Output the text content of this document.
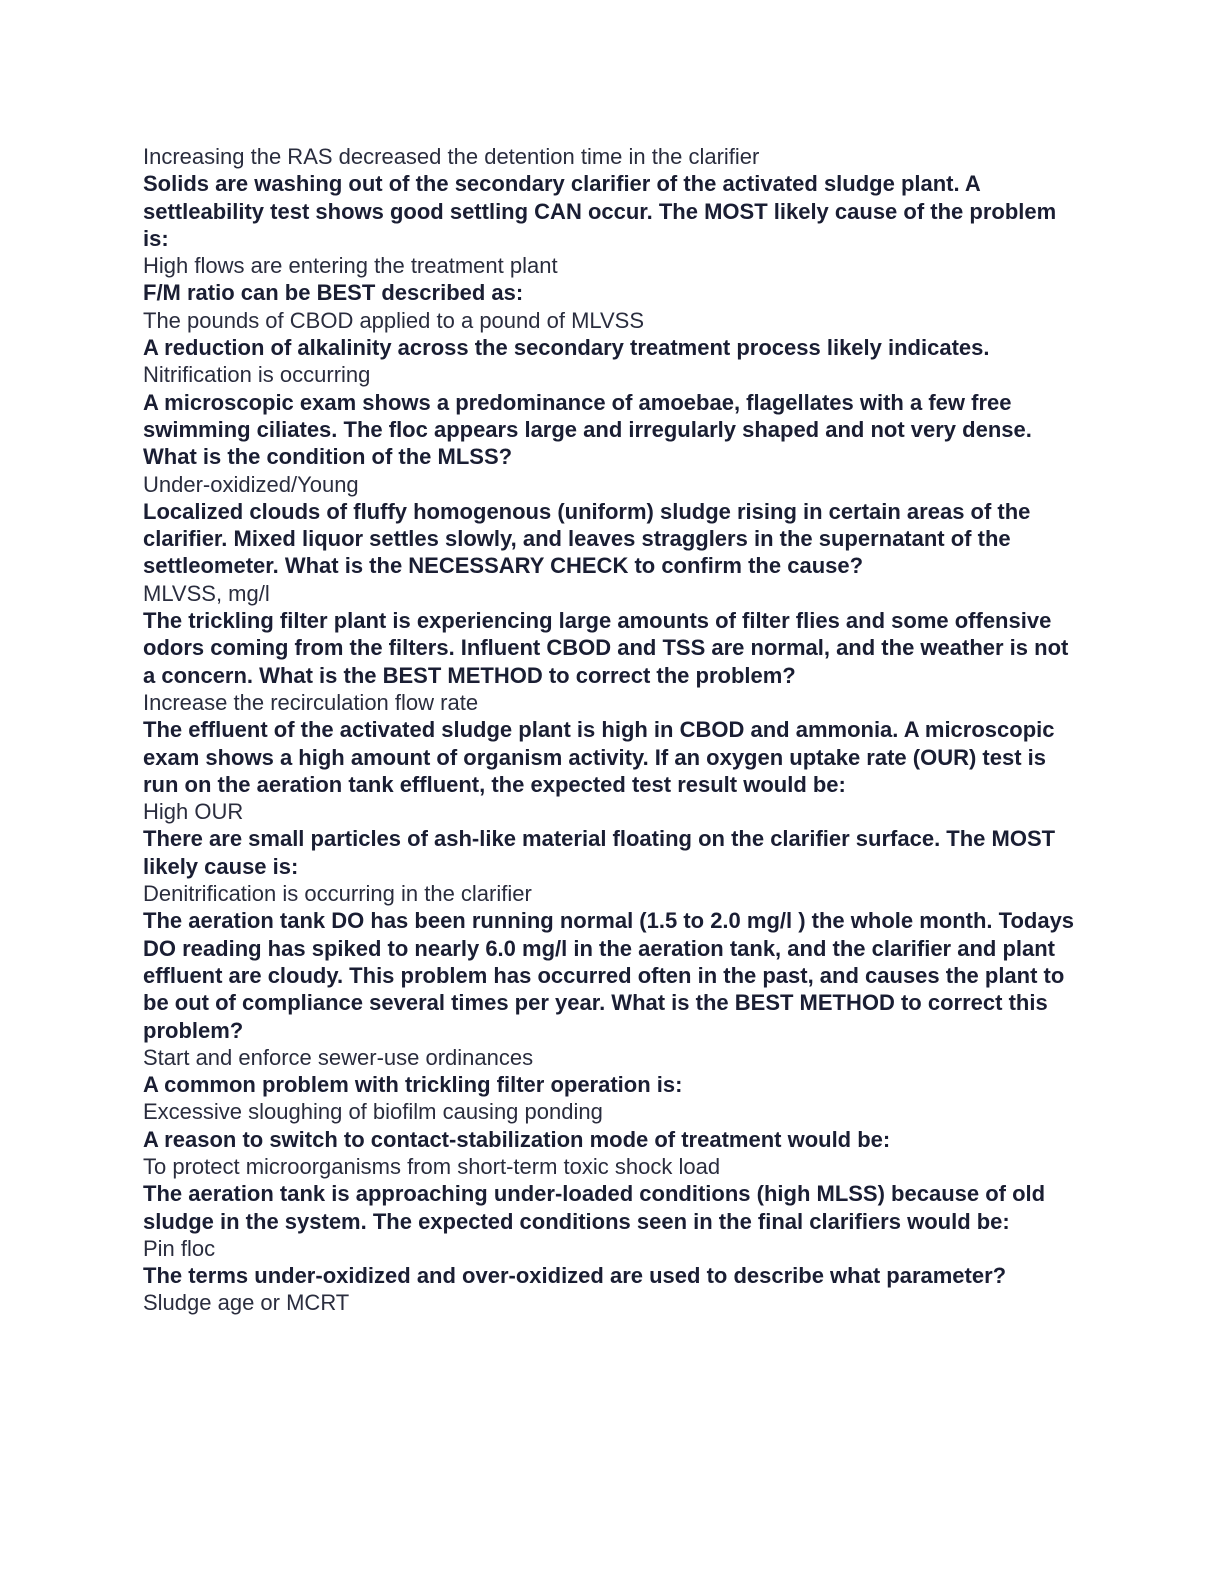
Increasing the RAS decreased the detention time in the clarifier

Solids are washing out of the secondary clarifier of the activated sludge plant. A settleability test shows good settling CAN occur. The MOST likely cause of the problem is:

High flows are entering the treatment plant

F/M ratio can be BEST described as:

The pounds of CBOD applied to a pound of MLVSS

A reduction of alkalinity across the secondary treatment process likely indicates.

Nitrification is occurring

A microscopic exam shows a predominance of amoebae, flagellates with a few free swimming ciliates. The floc appears large and irregularly shaped and not very dense. What is the condition of the MLSS?

Under-oxidized/Young

Localized clouds of fluffy homogenous (uniform) sludge rising in certain areas of the clarifier. Mixed liquor settles slowly, and leaves stragglers in the supernatant of the settleometer. What is the NECESSARY CHECK to confirm the cause?

MLVSS, mg/l

The trickling filter plant is experiencing large amounts of filter flies and some offensive odors coming from the filters. Influent CBOD and TSS are normal, and the weather is not a concern. What is the BEST METHOD to correct the problem?

Increase the recirculation flow rate

The effluent of the activated sludge plant is high in CBOD and ammonia. A microscopic exam shows a high amount of organism activity. If an oxygen uptake rate (OUR) test is run on the aeration tank effluent, the expected test result would be:

High OUR

There are small particles of ash-like material floating on the clarifier surface. The MOST likely cause is:

Denitrification is occurring in the clarifier

The aeration tank DO has been running normal (1.5 to 2.0 mg/l ) the whole month. Todays DO reading has spiked to nearly 6.0 mg/l in the aeration tank, and the clarifier and plant effluent are cloudy. This problem has occurred often in the past, and causes the plant to be out of compliance several times per year. What is the BEST METHOD to correct this problem?

Start and enforce sewer-use ordinances

A common problem with trickling filter operation is:

Excessive sloughing of biofilm causing ponding

A reason to switch to contact-stabilization mode of treatment would be:

To protect microorganisms from short-term toxic shock load

The aeration tank is approaching under-loaded conditions (high MLSS) because of old sludge in the system. The expected conditions seen in the final clarifiers would be:

Pin floc

The terms under-oxidized and over-oxidized are used to describe what parameter?

Sludge age or MCRT
